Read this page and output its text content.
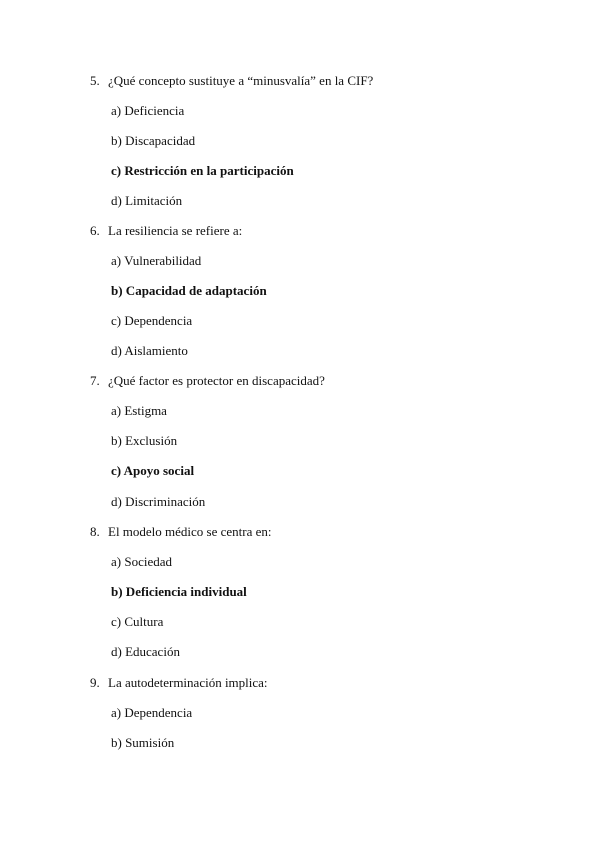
5. ¿Qué concepto sustituye a “minusvalía” en la CIF?
a) Deficiencia
b) Discapacidad
c) Restricción en la participación
d) Limitación
6. La resiliencia se refiere a:
a) Vulnerabilidad
b) Capacidad de adaptación
c) Dependencia
d) Aislamiento
7. ¿Qué factor es protector en discapacidad?
a) Estigma
b) Exclusión
c) Apoyo social
d) Discriminación
8. El modelo médico se centra en:
a) Sociedad
b) Deficiencia individual
c) Cultura
d) Educación
9. La autodeterminación implica:
a) Dependencia
b) Sumisión
